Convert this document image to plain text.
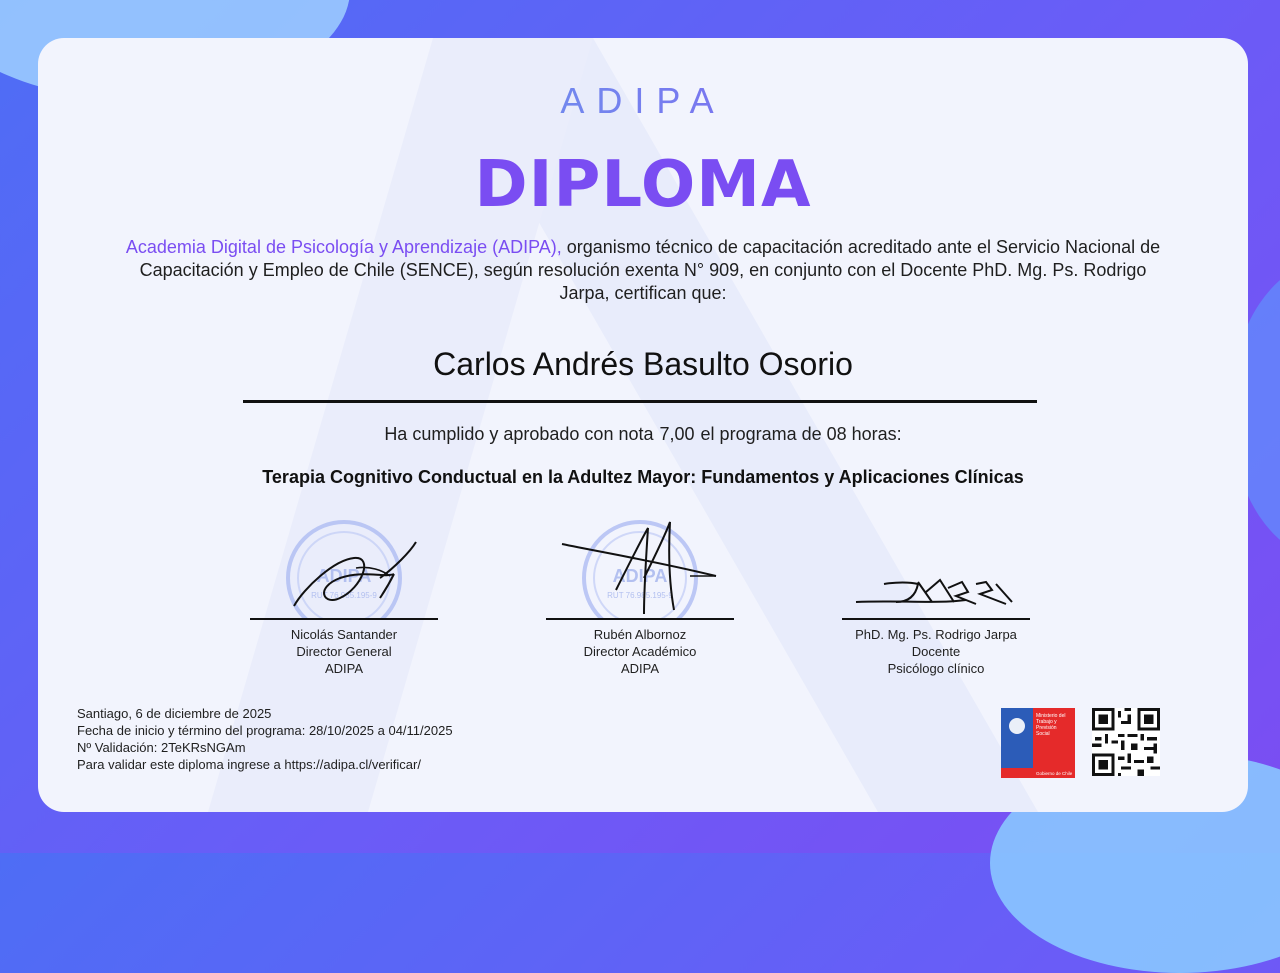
ADIPA
DIPLOMA
Academia Digital de Psicología y Aprendizaje (ADIPA), organismo técnico de capacitación acreditado ante el Servicio Nacional de Capacitación y Empleo de Chile (SENCE), según resolución exenta N° 909, en conjunto con el Docente PhD. Mg. Ps. Rodrigo Jarpa, certifican que:
Carlos Andrés Basulto Osorio
Ha cumplido y aprobado con nota 7,00 el programa de 08 horas:
Terapia Cognitivo Conductual en la Adultez Mayor: Fundamentos y Aplicaciones Clínicas
ADIPA
RUT 76.985.195-9
Nicolás Santander
Director General
ADIPA
ADIPA
RUT 76.985.195-9
Rubén Albornoz
Director Académico
ADIPA
PhD. Mg. Ps. Rodrigo Jarpa
Docente
Psicólogo clínico
Santiago, 6 de diciembre de 2025
Fecha de inicio y término del programa: 28/10/2025 a 04/11/2025
Nº Validación: 2TeKRsNGAm
Para validar este diploma ingrese a https://adipa.cl/verificar/
Ministerio del
Trabajo y
Previsión
Social
Gobierno de Chile
